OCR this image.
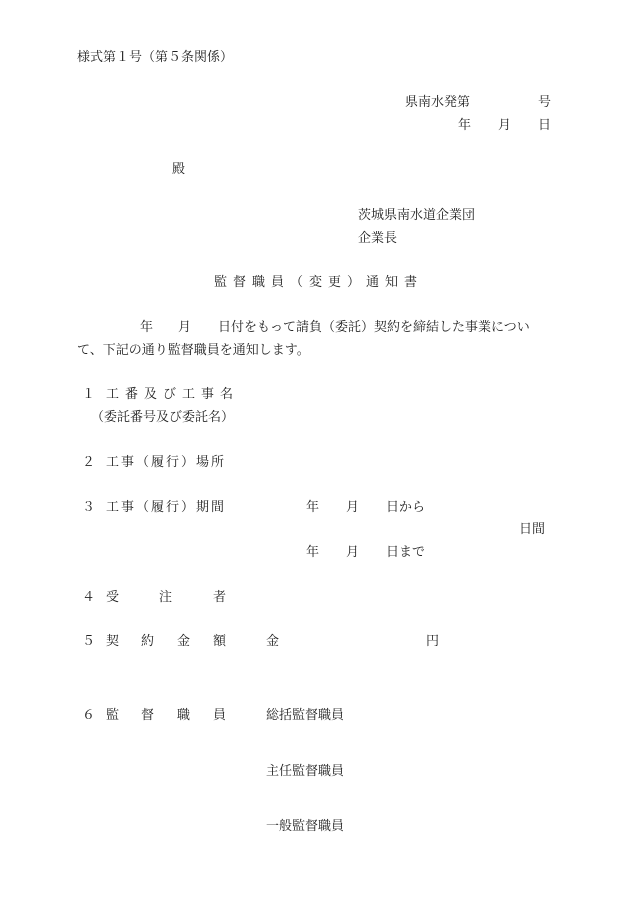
様式第１号（第５条関係）
県南水発第	号
年 月 日
殿
茨城県南水道企業団
企業長
監督職員（変更）通知書
年 月 日付をもって請負（委託）契約を締結した事業につい
て、下記の通り監督職員を通知します。
１ 工番及び工事名
（委託番号及び委託名）
２ 工事（履行）場所
３ 工事（履行）期間	年 月 日から
日間
年 月 日まで
４ 受	注	者
５ 契 約 金 額	金	円
６ 監 督 職 員	総括監督職員
主任監督職員
一般監督職員
